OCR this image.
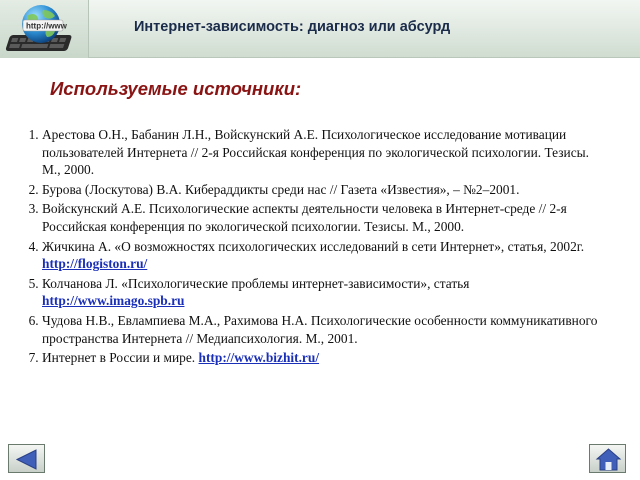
http://www	Интернет-зависимость: диагноз или абсурд
Используемые источники:
1. Арестова О.Н., Бабанин Л.Н., Войскунский А.Е. Психологическое исследование мотивации пользователей Интернета // 2-я Российская конференция по экологической психологии. Тезисы. М., 2000.
2. Бурова (Лоскутова) В.А. Кибераддикты среди нас // Газета «Известия», – №2–2001.
3. Войскунский А.Е. Психологические аспекты деятельности человека в Интернет-среде // 2-я Российская конференция по экологической психологии. Тезисы. М., 2000.
4. Жичкина А. «О возможностях психологических исследований в сети Интернет», статья, 2002г. http://flogiston.ru/
5. Колчанова Л. «Психологические проблемы интернет-зависимости», статья http://www.imago.spb.ru
6. Чудова Н.В., Евлампиева М.А., Рахимова Н.А. Психологические особенности коммуникативного пространства Интернета // Медиапсихология. М., 2001.
7. Интернет в России и мире. http://www.bizhit.ru/
